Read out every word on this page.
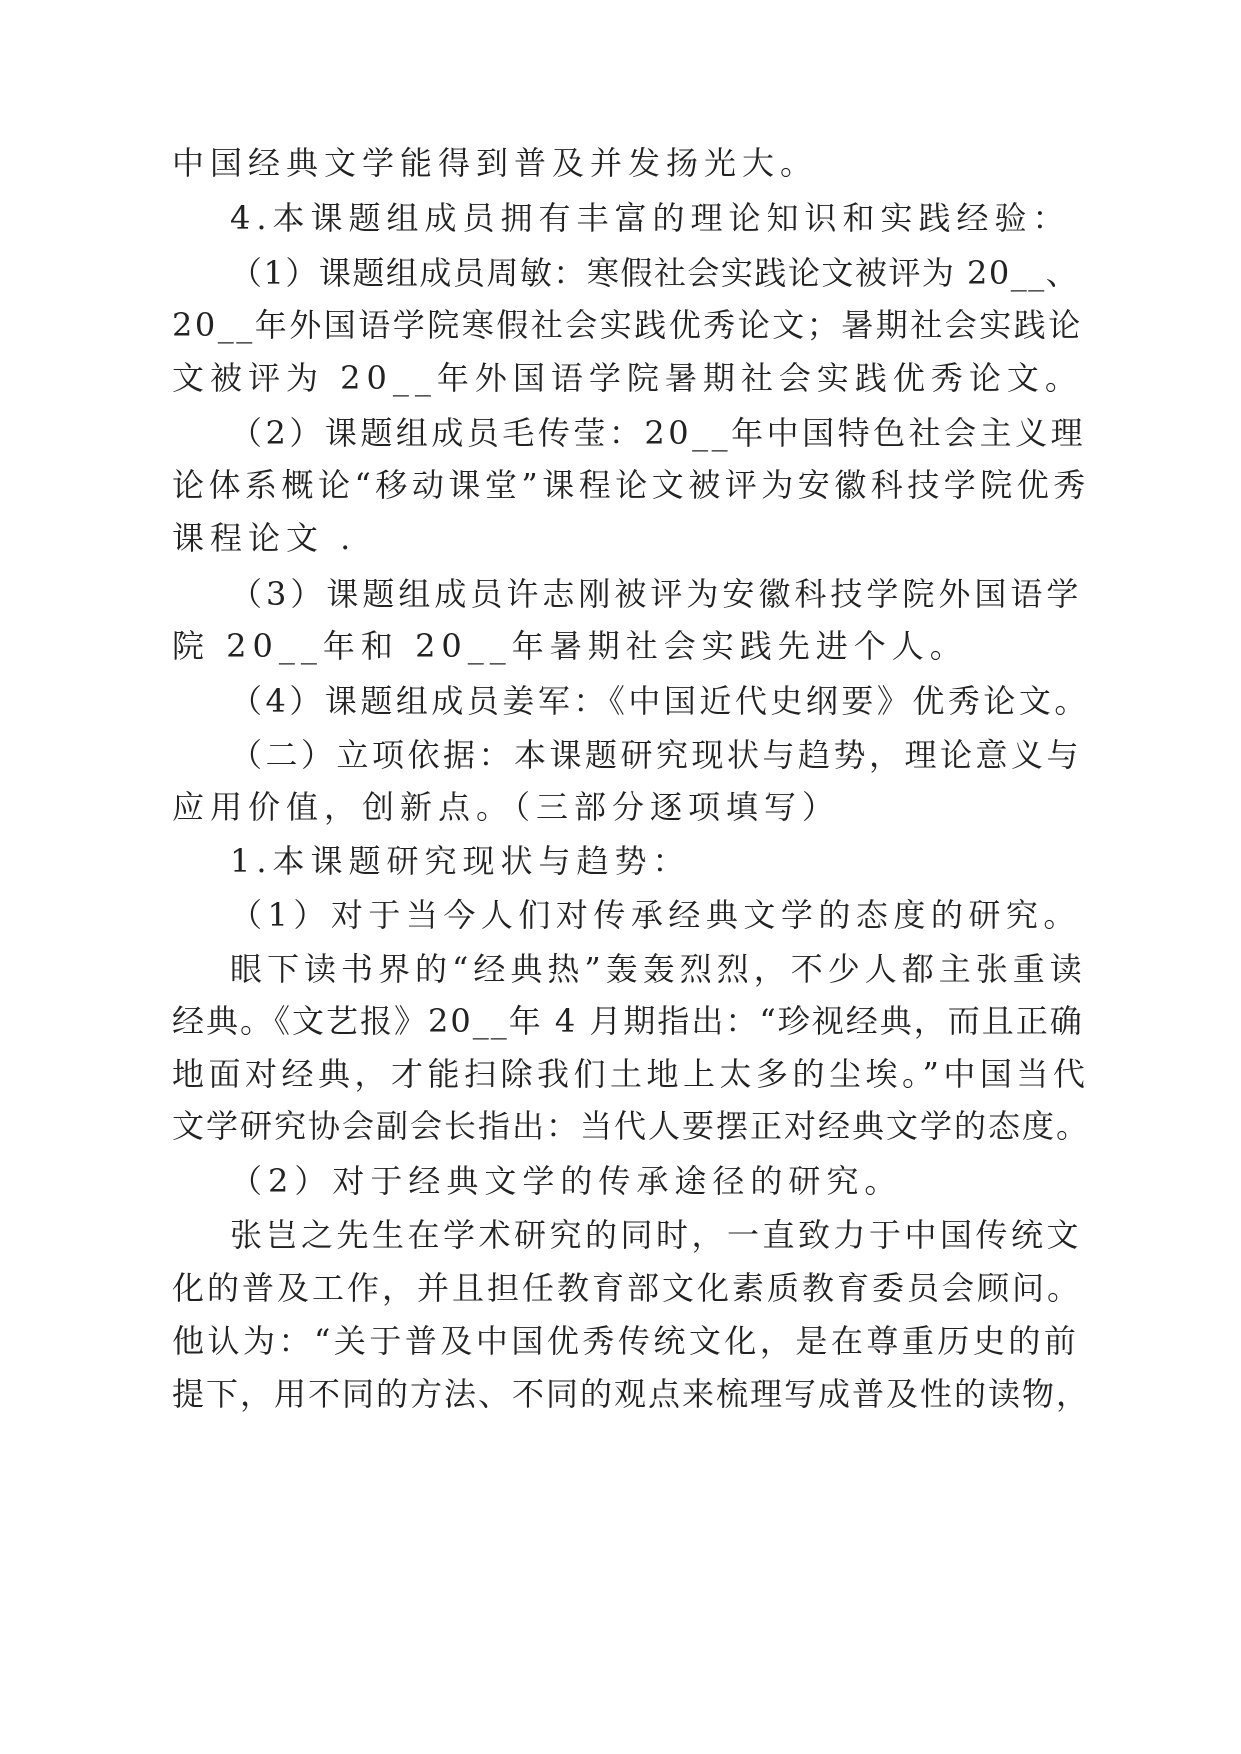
中国经典文学能得到普及并发扬光大。
4.本课题组成员拥有丰富的理论知识和实践经验：
（1）课题组成员周敏：寒假社会实践论文被评为 20__、
20__年外国语学院寒假社会实践优秀论文；暑期社会实践论
文被评为 20__年外国语学院暑期社会实践优秀论文。
（2）课题组成员毛传莹：20__年中国特色社会主义理
论体系概论“移动课堂”课程论文被评为安徽科技学院优秀
课程论文 .
（3）课题组成员许志刚被评为安徽科技学院外国语学
院 20__年和 20__年暑期社会实践先进个人。
（4）课题组成员姜军：《中国近代史纲要》优秀论文。
（二）立项依据：本课题研究现状与趋势，理论意义与
应用价值，创新点。（三部分逐项填写）
1.本课题研究现状与趋势：
（1）对于当今人们对传承经典文学的态度的研究。
眼下读书界的“经典热”轰轰烈烈，不少人都主张重读
经典。《文艺报》20__年 4 月期指出：“珍视经典，而且正确
地面对经典，才能扫除我们土地上太多的尘埃。”中国当代
文学研究协会副会长指出：当代人要摆正对经典文学的态度。
（2）对于经典文学的传承途径的研究。
张岂之先生在学术研究的同时，一直致力于中国传统文
化的普及工作，并且担任教育部文化素质教育委员会顾问。
他认为：“关于普及中国优秀传统文化，是在尊重历史的前
提下，用不同的方法、不同的观点来梳理写成普及性的读物，
